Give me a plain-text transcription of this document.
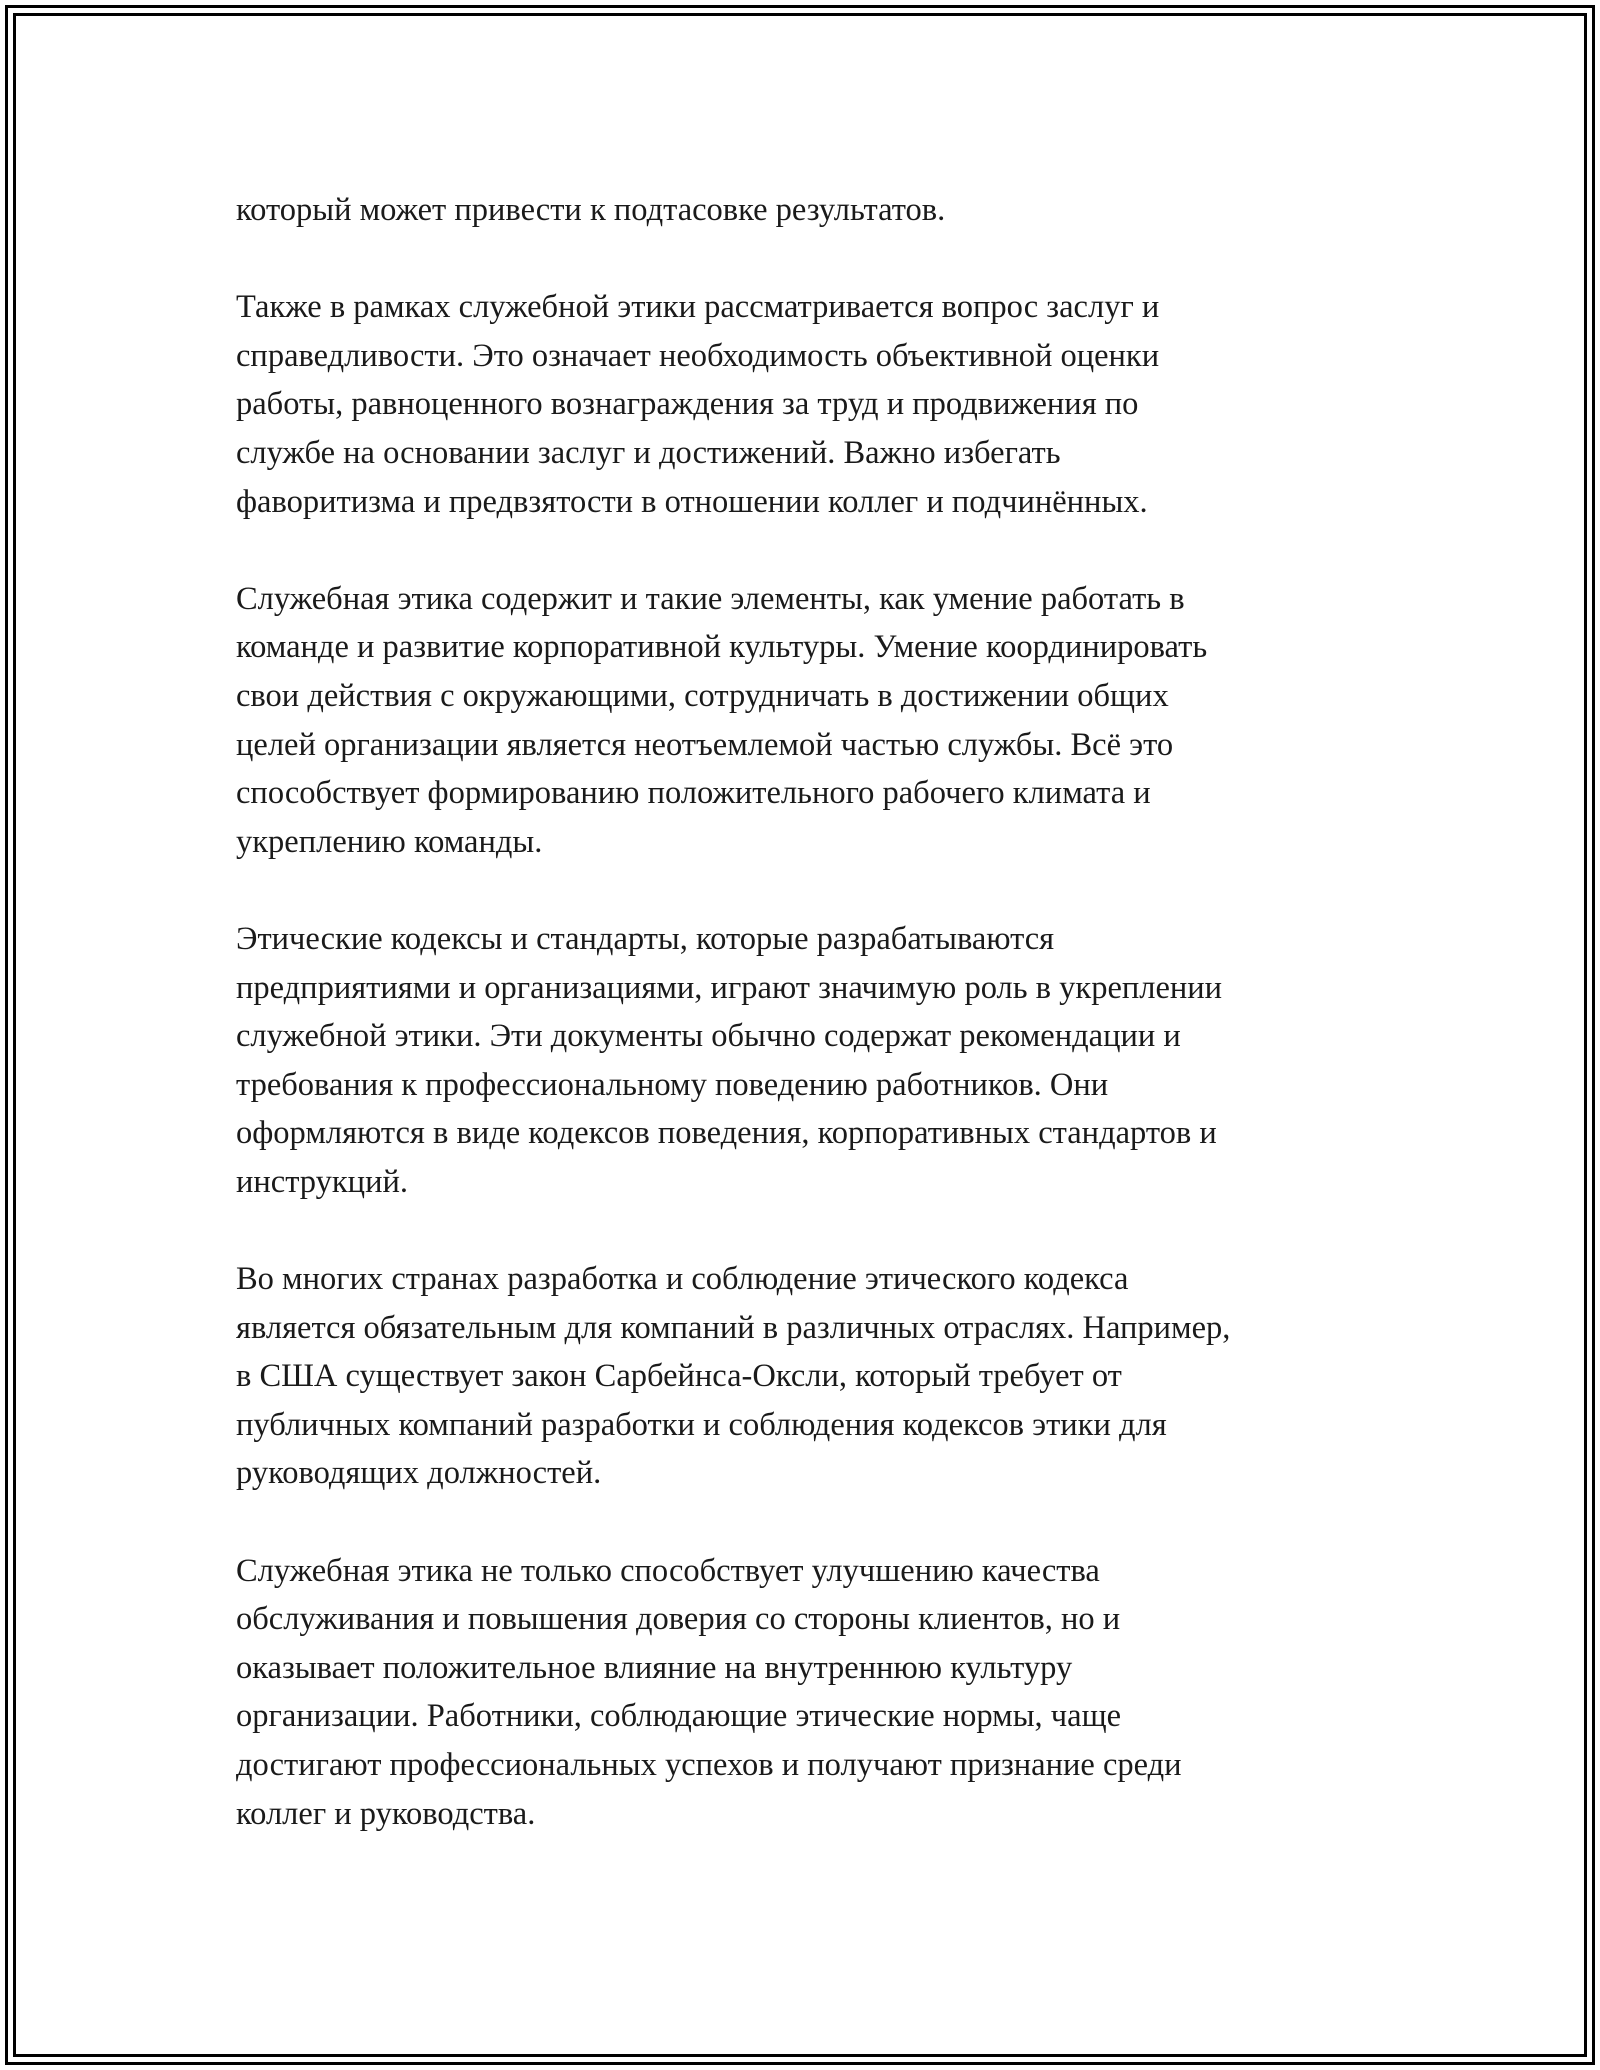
который может привести к подтасовке результатов.

Также в рамках служебной этики рассматривается вопрос заслуг и
справедливости. Это означает необходимость объективной оценки
работы, равноценного вознаграждения за труд и продвижения по
службе на основании заслуг и достижений. Важно избегать
фаворитизма и предвзятости в отношении коллег и подчинённых.

Служебная этика содержит и такие элементы, как умение работать в
команде и развитие корпоративной культуры. Умение координировать
свои действия с окружающими, сотрудничать в достижении общих
целей организации является неотъемлемой частью службы. Всё это
способствует формированию положительного рабочего климата и
укреплению команды.

Этические кодексы и стандарты, которые разрабатываются
предприятиями и организациями, играют значимую роль в укреплении
служебной этики. Эти документы обычно содержат рекомендации и
требования к профессиональному поведению работников. Они
оформляются в виде кодексов поведения, корпоративных стандартов и
инструкций.

Во многих странах разработка и соблюдение этического кодекса
является обязательным для компаний в различных отраслях. Например,
в США существует закон Сарбейнса-Оксли, который требует от
публичных компаний разработки и соблюдения кодексов этики для
руководящих должностей.

Служебная этика не только способствует улучшению качества
обслуживания и повышения доверия со стороны клиентов, но и
оказывает положительное влияние на внутреннюю культуру
организации. Работники, соблюдающие этические нормы, чаще
достигают профессиональных успехов и получают признание среди
коллег и руководства.
